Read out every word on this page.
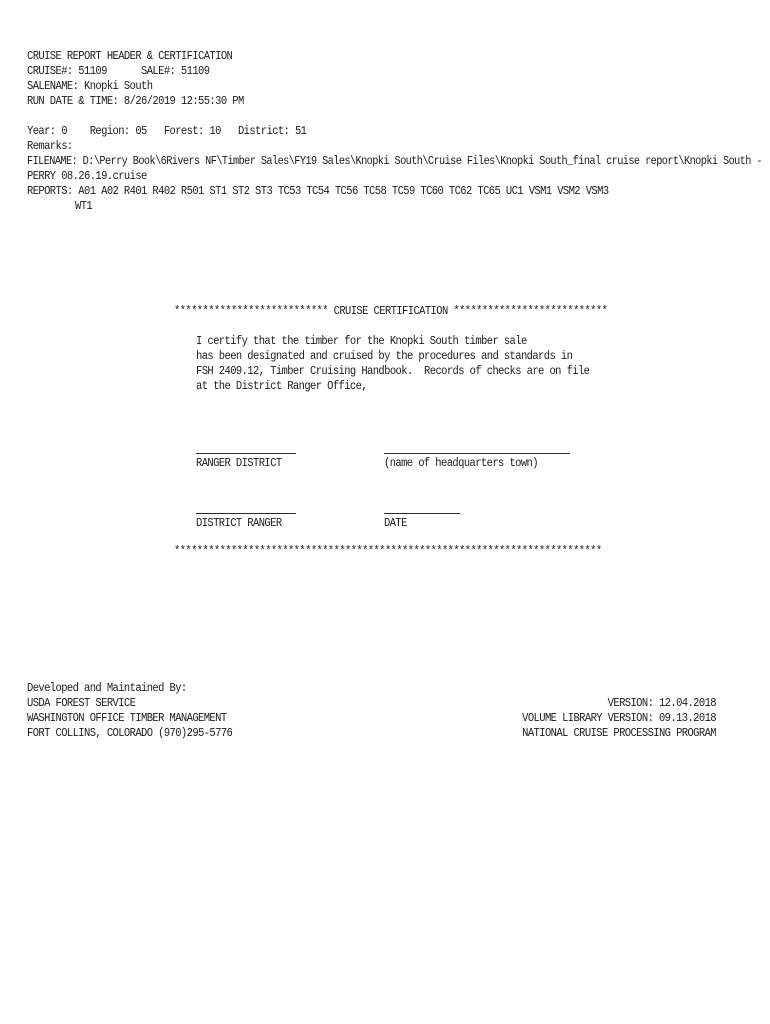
CRUISE REPORT HEADER & CERTIFICATION
CRUISE#: 51109      SALE#: 51109
SALENAME: Knopki South
RUN DATE & TIME: 8/26/2019 12:55:30 PM
Year: 0    Region: 05   Forest: 10   District: 51
Remarks:
FILENAME: D:\Perry Book\6Rivers NF\Timber Sales\FY19 Sales\Knopki South\Cruise Files\Knopki South_final cruise report\Knopki South -
PERRY 08.26.19.cruise
REPORTS: A01 A02 R401 R402 R501 ST1 ST2 ST3 TC53 TC54 TC56 TC58 TC59 TC60 TC62 TC65 UC1 VSM1 VSM2 VSM3
WT1
*************************** CRUISE CERTIFICATION ***************************
I certify that the timber for the Knopki South timber sale
has been designated and cruised by the procedures and standards in
FSH 2409.12, Timber Cruising Handbook.  Records of checks are on file
at the District Ranger Office,
RANGER DISTRICT	(name of headquarters town)
DISTRICT RANGER	DATE
***************************************************************************
Developed and Maintained By:
USDA FOREST SERVICE
WASHINGTON OFFICE TIMBER MANAGEMENT
FORT COLLINS, COLORADO (970)295-5776
VERSION: 12.04.2018
VOLUME LIBRARY VERSION: 09.13.2018
NATIONAL CRUISE PROCESSING PROGRAM
